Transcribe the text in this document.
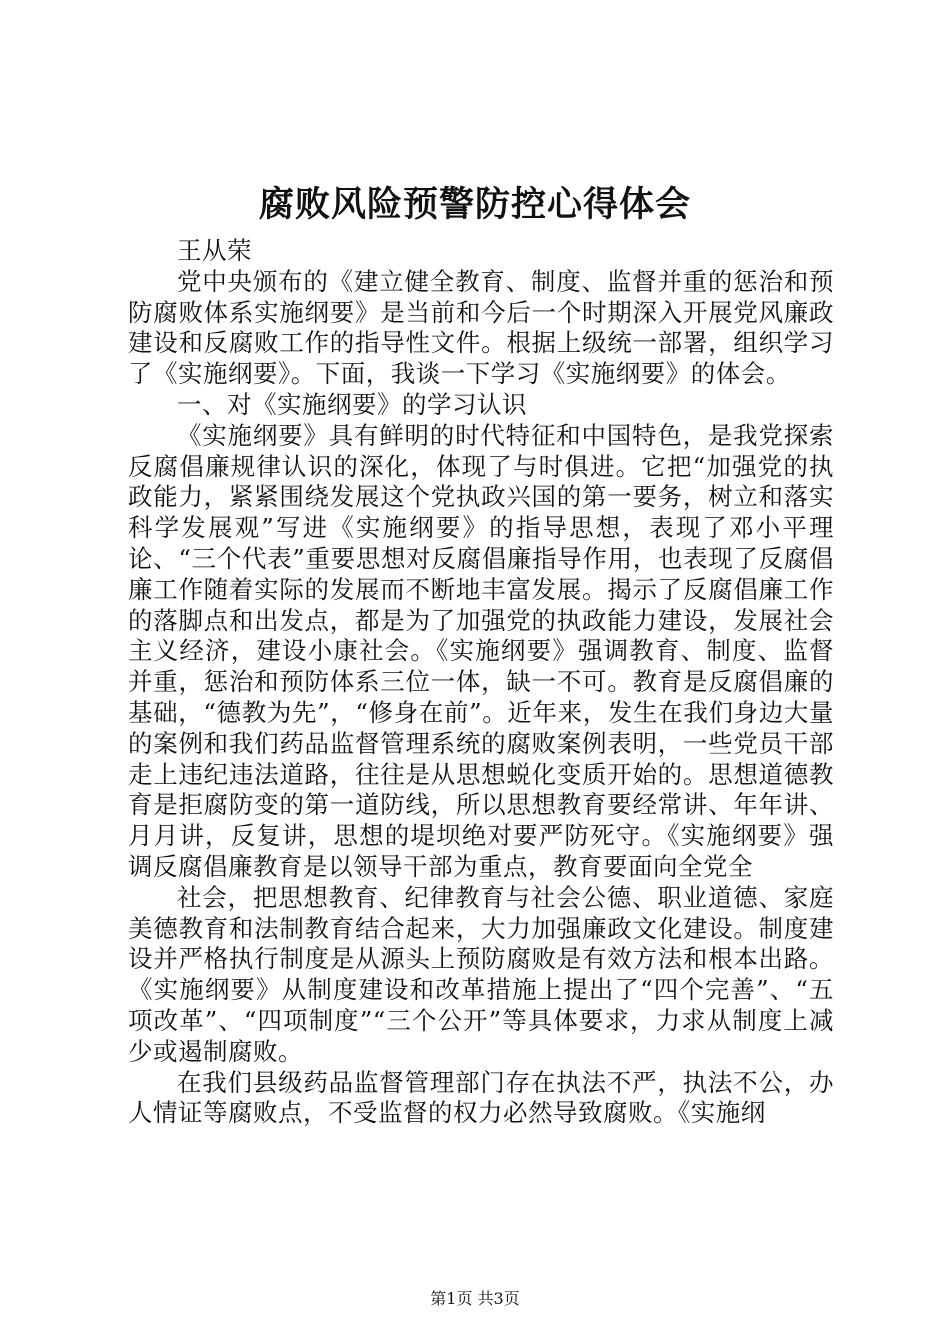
腐败风险预警防控心得体会

王从荣

党中央颁布的《建立健全教育、制度、监督并重的惩治和预防腐败体系实施纲要》是当前和今后一个时期深入开展党风廉政建设和反腐败工作的指导性文件。根据上级统一部署，组织学习了《实施纲要》。下面，我谈一下学习《实施纲要》的体会。

一、对《实施纲要》的学习认识

《实施纲要》具有鲜明的时代特征和中国特色，是我党探索反腐倡廉规律认识的深化，体现了与时俱进。它把“加强党的执政能力，紧紧围绕发展这个党执政兴国的第一要务，树立和落实科学发展观”写进《实施纲要》的指导思想，表现了邓小平理论、“三个代表”重要思想对反腐倡廉指导作用，也表现了反腐倡廉工作随着实际的发展而不断地丰富发展。揭示了反腐倡廉工作的落脚点和出发点，都是为了加强党的执政能力建设，发展社会主义经济，建设小康社会。《实施纲要》强调教育、制度、监督并重，惩治和预防体系三位一体，缺一不可。教育是反腐倡廉的基础，“德教为先”，“修身在前”。近年来，发生在我们身边大量的案例和我们药品监督管理系统的腐败案例表明，一些党员干部走上违纪违法道路，往往是从思想蜕化变质开始的。思想道德教育是拒腐防变的第一道防线，所以思想教育要经常讲、年年讲、月月讲，反复讲，思想的堤坝绝对要严防死守。《实施纲要》强调反腐倡廉教育是以领导干部为重点，教育要面向全党全

社会，把思想教育、纪律教育与社会公德、职业道德、家庭美德教育和法制教育结合起来，大力加强廉政文化建设。制度建设并严格执行制度是从源头上预防腐败是有效方法和根本出路。《实施纲要》从制度建设和改革措施上提出了“四个完善”、“五项改革”、“四项制度”“三个公开”等具体要求，力求从制度上减少或遏制腐败。

在我们县级药品监督管理部门存在执法不严，执法不公，办人情证等腐败点，不受监督的权力必然导致腐败。《实施纲

第1页 共3页
